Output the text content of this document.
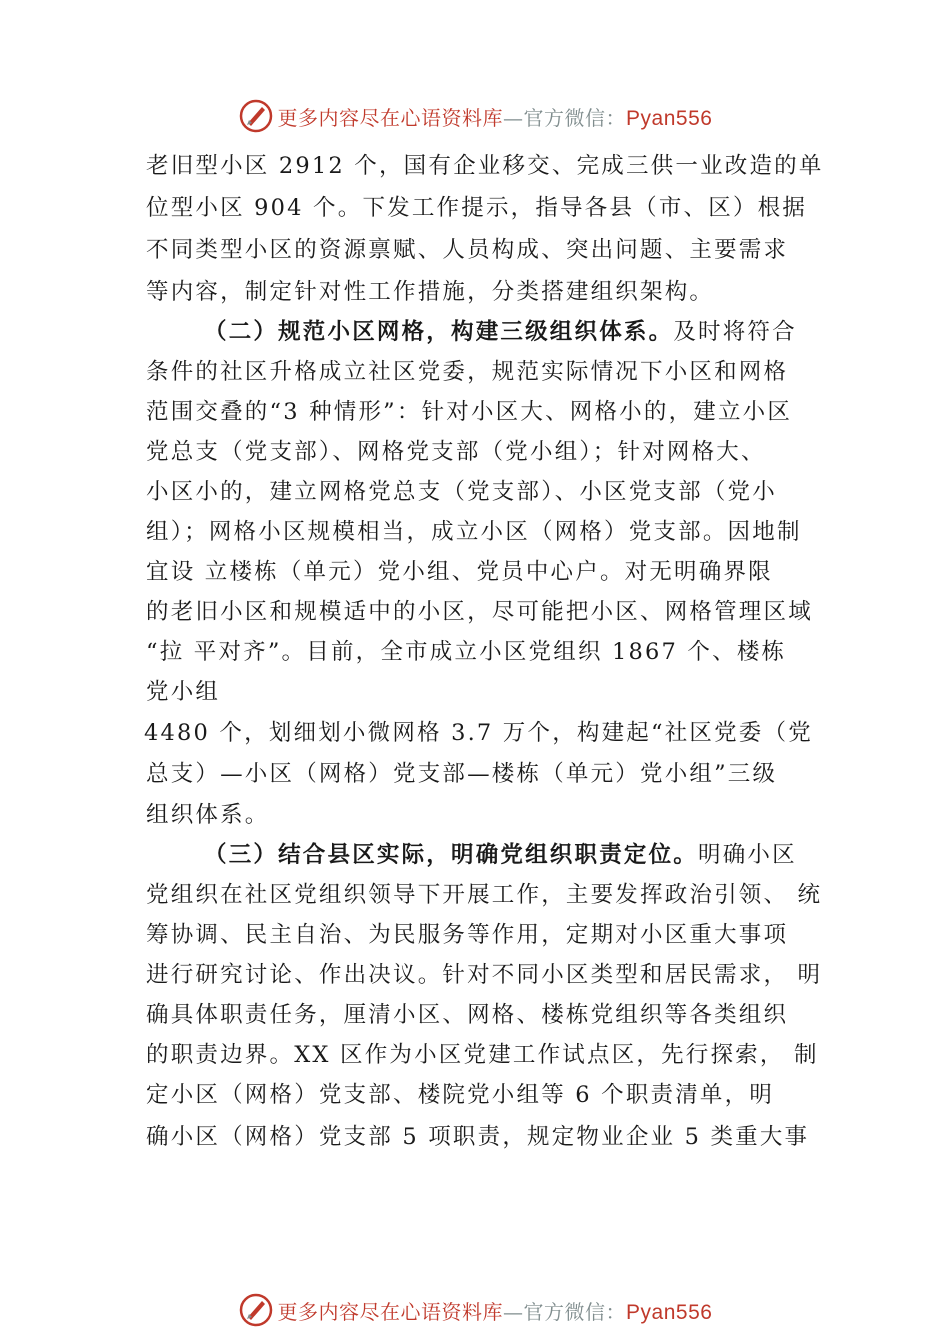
更多内容尽在心语资料库—官方微信：Pyan556
老旧型小区 2912 个，国有企业移交、完成三供一业改造的单
位型小区 904 个。下发工作提示，指导各县（市、区）根据
不同类型小区的资源禀赋、人员构成、突出问题、主要需求
等内容，制定针对性工作措施，分类搭建组织架构。
（二）规范小区网格，构建三级组织体系。及时将符合
条件的社区升格成立社区党委，规范实际情况下小区和网格
范围交叠的“3 种情形”：针对小区大、网格小的，建立小区
党总支（党支部）、网格党支部（党小组）；针对网格大、
小区小的，建立网格党总支（党支部）、小区党支部（党小
组）；网格小区规模相当，成立小区（网格）党支部。因地制
宜设 立楼栋（单元）党小组、党员中心户。对无明确界限
的老旧小区和规模适中的小区，尽可能把小区、网格管理区域
“拉 平对齐”。目前，全市成立小区党组织 1867 个、楼栋
党小组
4480 个，划细划小微网格 3.7 万个，构建起“社区党委（党
总支）—小区（网格）党支部—楼栋（单元）党小组”三级
组织体系。
（三）结合县区实际，明确党组织职责定位。明确小区
党组织在社区党组织领导下开展工作，主要发挥政治引领、 统
筹协调、民主自治、为民服务等作用，定期对小区重大事项
进行研究讨论、作出决议。针对不同小区类型和居民需求， 明
确具体职责任务，厘清小区、网格、楼栋党组织等各类组织
的职责边界。XX 区作为小区党建工作试点区，先行探索， 制
定小区（网格）党支部、楼院党小组等 6 个职责清单，明
确小区（网格）党支部 5 项职责，规定物业企业 5 类重大事
更多内容尽在心语资料库—官方微信：Pyan556
